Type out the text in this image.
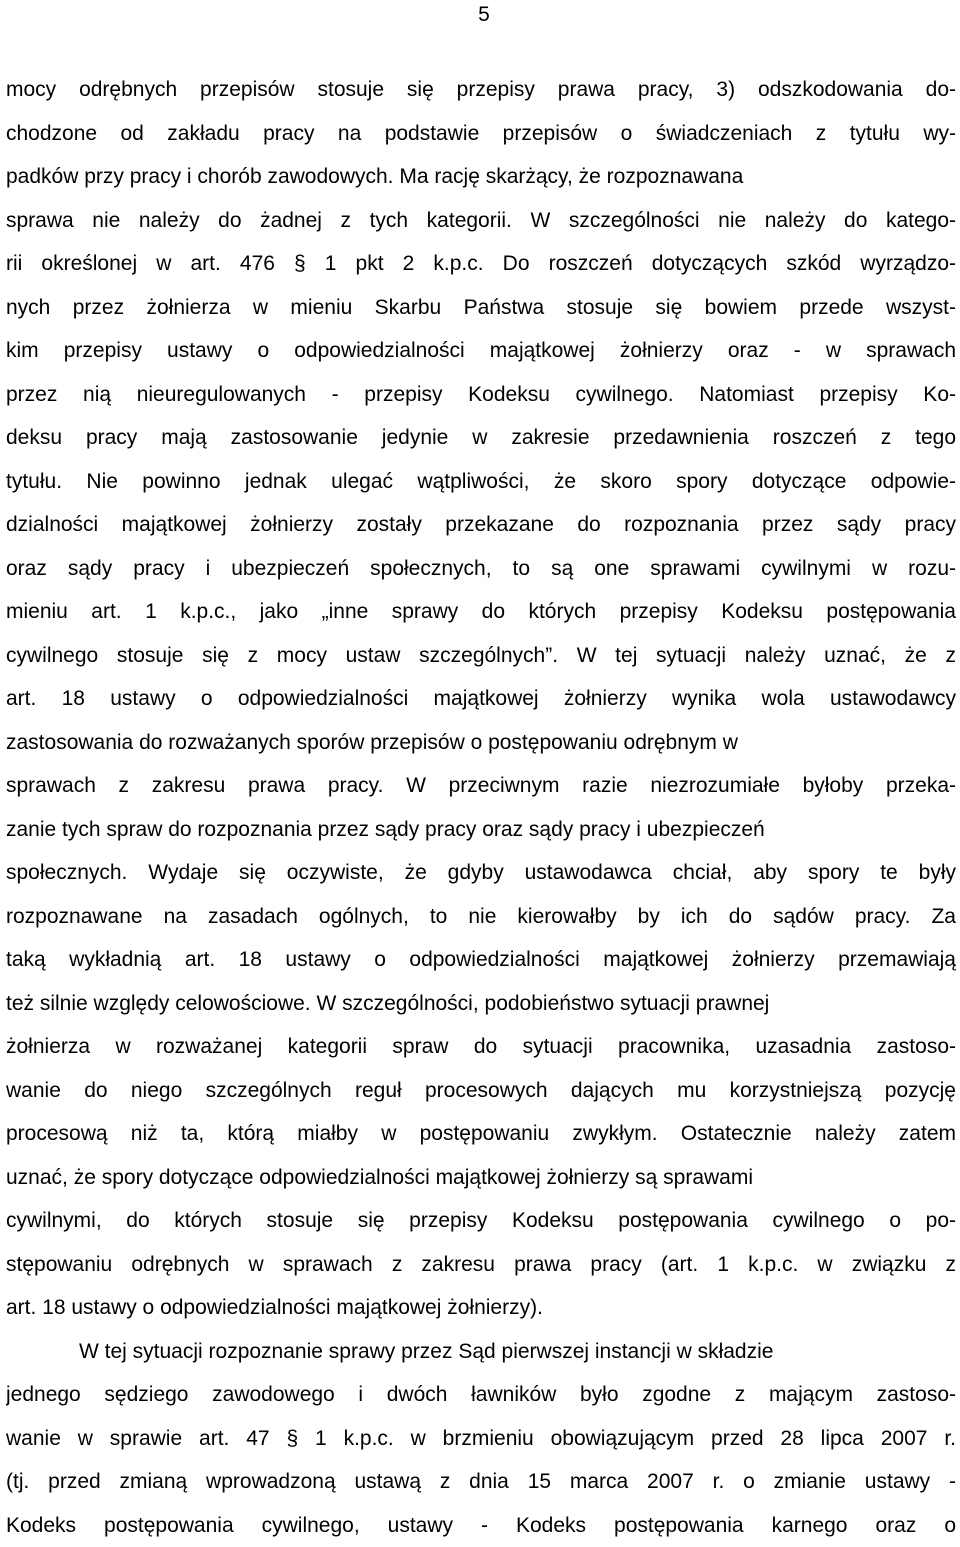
5
mocy odrębnych przepisów stosuje się przepisy prawa pracy, 3) odszkodowania do-
chodzone od zakładu pracy na podstawie przepisów o świadczeniach z tytułu wy-
padków przy pracy i chorób zawodowych. Ma rację skarżący, że rozpoznawana
sprawa nie należy do żadnej z tych kategorii. W szczególności nie należy do katego-
rii określonej w art. 476 § 1 pkt 2 k.p.c. Do roszczeń dotyczących szkód wyrządzo-
nych przez żołnierza w mieniu Skarbu Państwa stosuje się bowiem przede wszyst-
kim przepisy ustawy o odpowiedzialności majątkowej żołnierzy oraz - w sprawach
przez nią nieuregulowanych - przepisy Kodeksu cywilnego. Natomiast przepisy Ko-
deksu pracy mają zastosowanie jedynie w zakresie przedawnienia roszczeń z tego
tytułu. Nie powinno jednak ulegać wątpliwości, że skoro spory dotyczące odpowie-
dzialności majątkowej żołnierzy zostały przekazane do rozpoznania przez sądy pracy
oraz sądy pracy i ubezpieczeń społecznych, to są one sprawami cywilnymi w rozu-
mieniu art. 1 k.p.c., jako „inne sprawy do których przepisy Kodeksu postępowania
cywilnego stosuje się z mocy ustaw szczególnych”. W tej sytuacji należy uznać, że z
art. 18 ustawy o odpowiedzialności majątkowej żołnierzy wynika wola ustawodawcy
zastosowania do rozważanych sporów przepisów o postępowaniu odrębnym w
sprawach z zakresu prawa pracy. W przeciwnym razie niezrozumiałe byłoby przeka-
zanie tych spraw do rozpoznania przez sądy pracy oraz sądy pracy i ubezpieczeń
społecznych. Wydaje się oczywiste, że gdyby ustawodawca chciał, aby spory te były
rozpoznawane na zasadach ogólnych, to nie kierowałby by ich do sądów pracy. Za
taką wykładnią art. 18 ustawy o odpowiedzialności majątkowej żołnierzy przemawiają
też silnie względy celowościowe. W szczególności, podobieństwo sytuacji prawnej
żołnierza w rozważanej kategorii spraw do sytuacji pracownika, uzasadnia zastoso-
wanie do niego szczególnych reguł procesowych dających mu korzystniejszą pozycję
procesową niż ta, którą miałby w postępowaniu zwykłym. Ostatecznie należy zatem
uznać, że spory dotyczące odpowiedzialności majątkowej żołnierzy są sprawami
cywilnymi, do których stosuje się przepisy Kodeksu postępowania cywilnego o po-
stępowaniu odrębnych w sprawach z zakresu prawa pracy (art. 1 k.p.c. w związku z
art. 18 ustawy o odpowiedzialności majątkowej żołnierzy).
W tej sytuacji rozpoznanie sprawy przez Sąd pierwszej instancji w składzie
jednego sędziego zawodowego i dwóch ławników było zgodne z mającym zastoso-
wanie w sprawie art. 47 § 1 k.p.c. w brzmieniu obowiązującym przed 28 lipca 2007 r.
(tj. przed zmianą wprowadzoną ustawą z dnia 15 marca 2007 r. o zmianie ustawy -
Kodeks postępowania cywilnego, ustawy - Kodeks postępowania karnego oraz o
